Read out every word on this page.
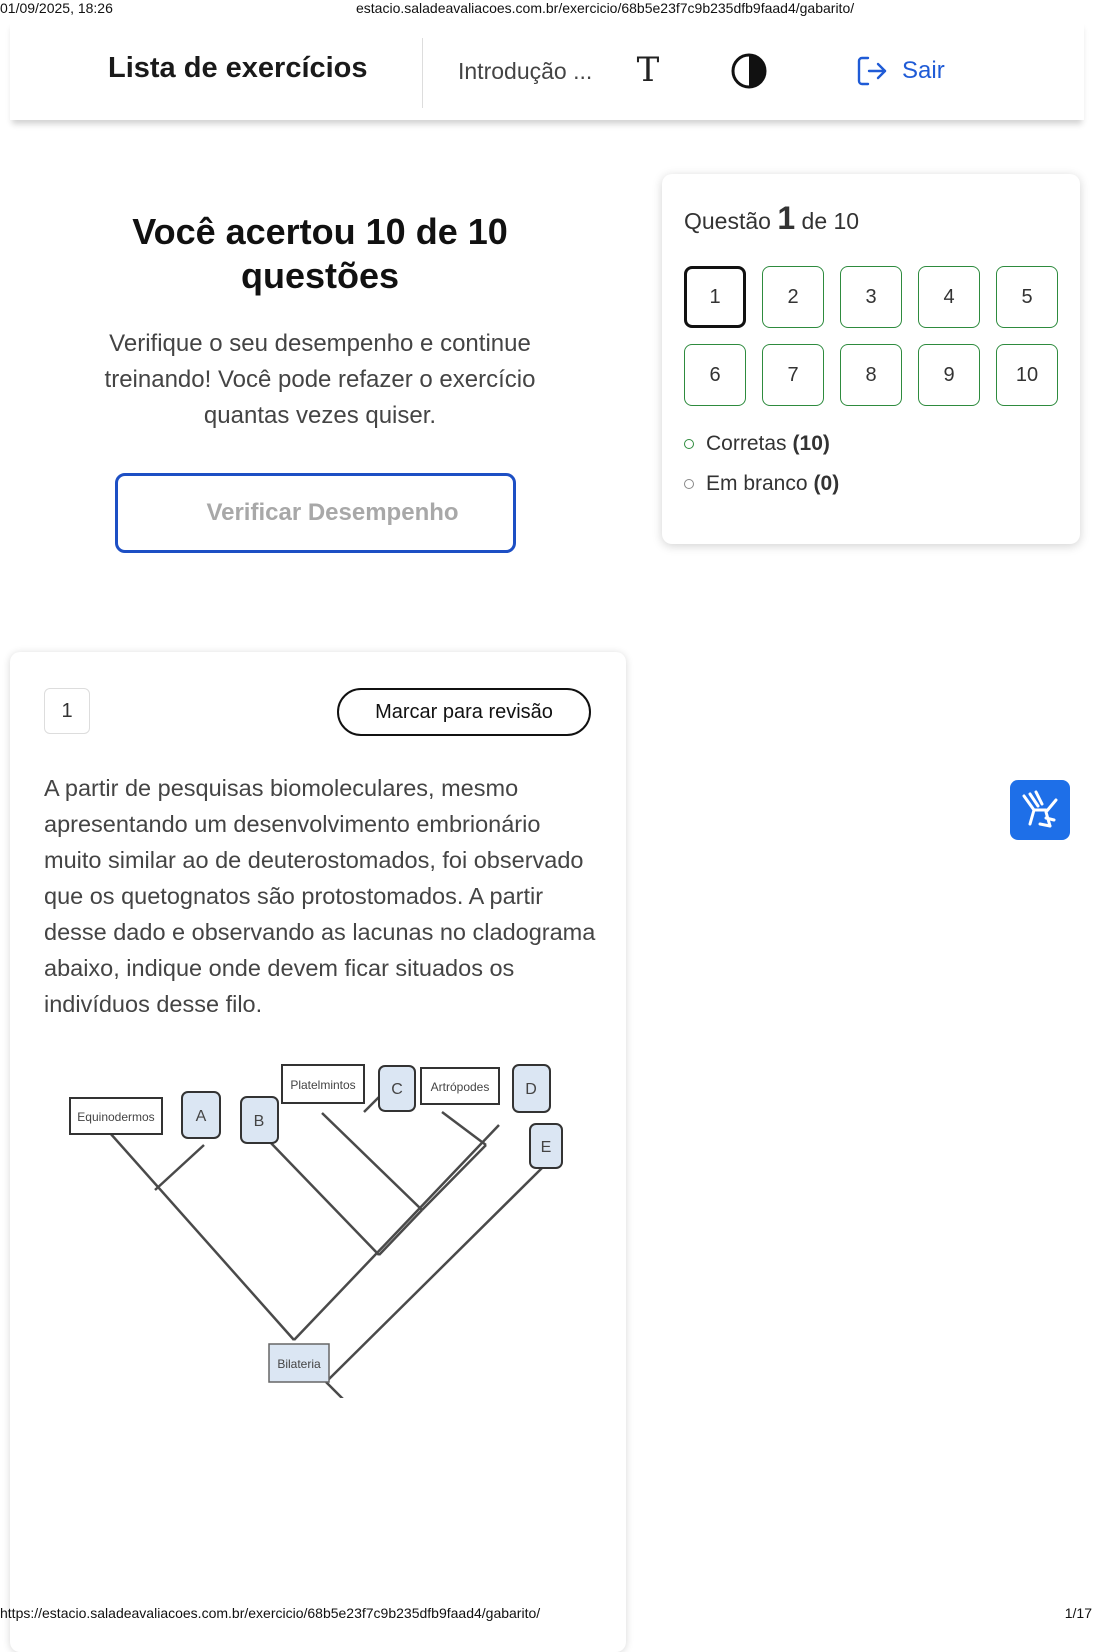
01/09/2025, 18:26	estacio.saladeavaliacoes.com.br/exercicio/68b5e23f7c9b235dfb9faad4/gabarito/
Lista de exercícios	Introdução ... T	Sair
Você acertou 10 de 10 questões

Verifique o seu desempenho e continue treinando! Você pode refazer o exercício quantas vezes quiser.

Verificar Desempenho
Questão 1 de 10
1	2	3	4	5
6	7	8	9	10
Corretas (10)
Em branco (0)
1	Marcar para revisão

A partir de pesquisas biomoleculares, mesmo apresentando um desenvolvimento embrionário muito similar ao de deuterostomados, foi observado que os quetognatos são protostomados. A partir desse dado e observando as lacunas no cladograma abaixo, indique onde devem ficar situados os indivíduos desse filo.

Equinodermos	A	B
Platelmintos C Artrópodes D
E
Bilateria
https://estacio.saladeavaliacoes.com.br/exercicio/68b5e23f7c9b235dfb9faad4/gabarito/	1/17
